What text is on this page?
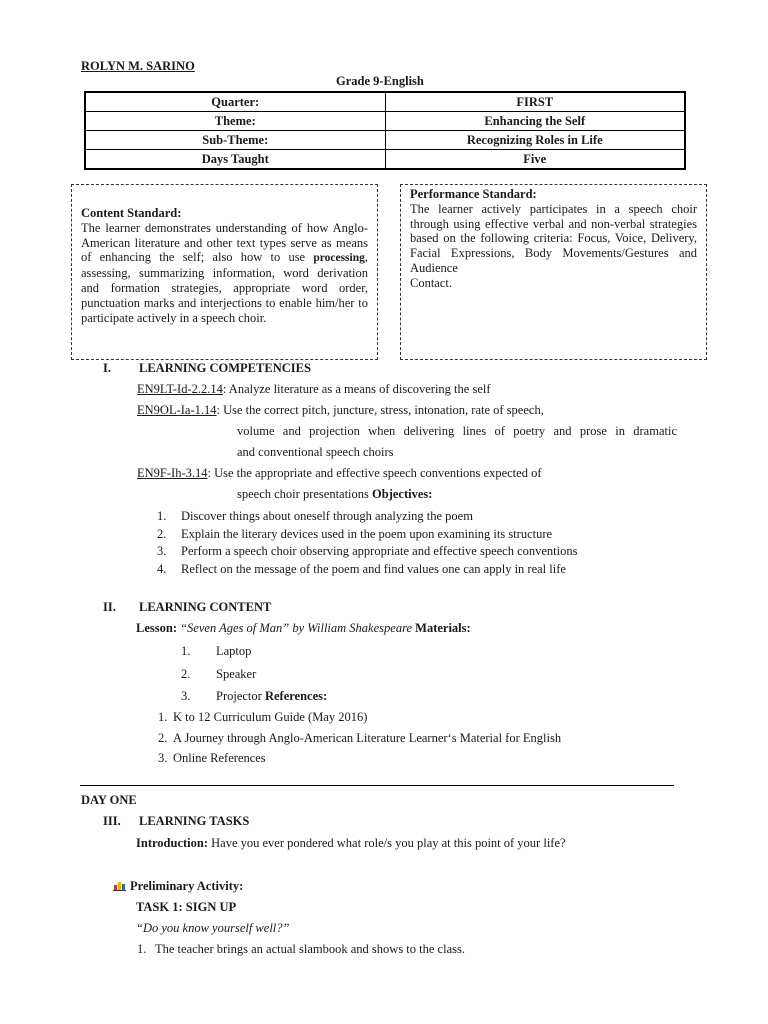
ROLYN M. SARINO
Grade 9-English
Quarter:	FIRST
Theme:	Enhancing the Self
Sub-Theme:	Recognizing Roles in Life
Days Taught	Five
Content Standard:
The learner demonstrates understanding of how Anglo-American literature and other text types serve as means of enhancing the self; also how to use processing, assessing, summarizing information, word derivation and formation strategies, appropriate word order, punctuation marks and interjections to enable him/her to participate actively in a speech choir.
Performance Standard:
The learner actively participates in a speech choir through using effective verbal and non-verbal strategies based on the following criteria: Focus, Voice, Delivery, Facial Expressions, Body Movements/Gestures and Audience
Contact.
I. LEARNING COMPETENCIES
EN9LT-Id-2.2.14: Analyze literature as a means of discovering the self
EN9OL-Ia-1.14: Use the correct pitch, juncture, stress, intonation, rate of speech,
volume and projection when delivering lines of poetry and prose in dramatic
and conventional speech choirs
EN9F-Ih-3.14: Use the appropriate and effective speech conventions expected of
speech choir presentations Objectives:
1. Discover things about oneself through analyzing the poem
2. Explain the literary devices used in the poem upon examining its structure
3. Perform a speech choir observing appropriate and effective speech conventions
4. Reflect on the message of the poem and find values one can apply in real life
II. LEARNING CONTENT
Lesson: “Seven Ages of Man” by William Shakespeare Materials:
1. Laptop
2. Speaker
3. Projector References:
1. K to 12 Curriculum Guide (May 2016)
2. A Journey through Anglo-American Literature Learner‘s Material for English
3. Online References
DAY ONE
III. LEARNING TASKS
Introduction: Have you ever pondered what role/s you play at this point of your life?
Preliminary Activity:
TASK 1: SIGN UP
“Do you know yourself well?”
1. The teacher brings an actual slambook and shows to the class.
